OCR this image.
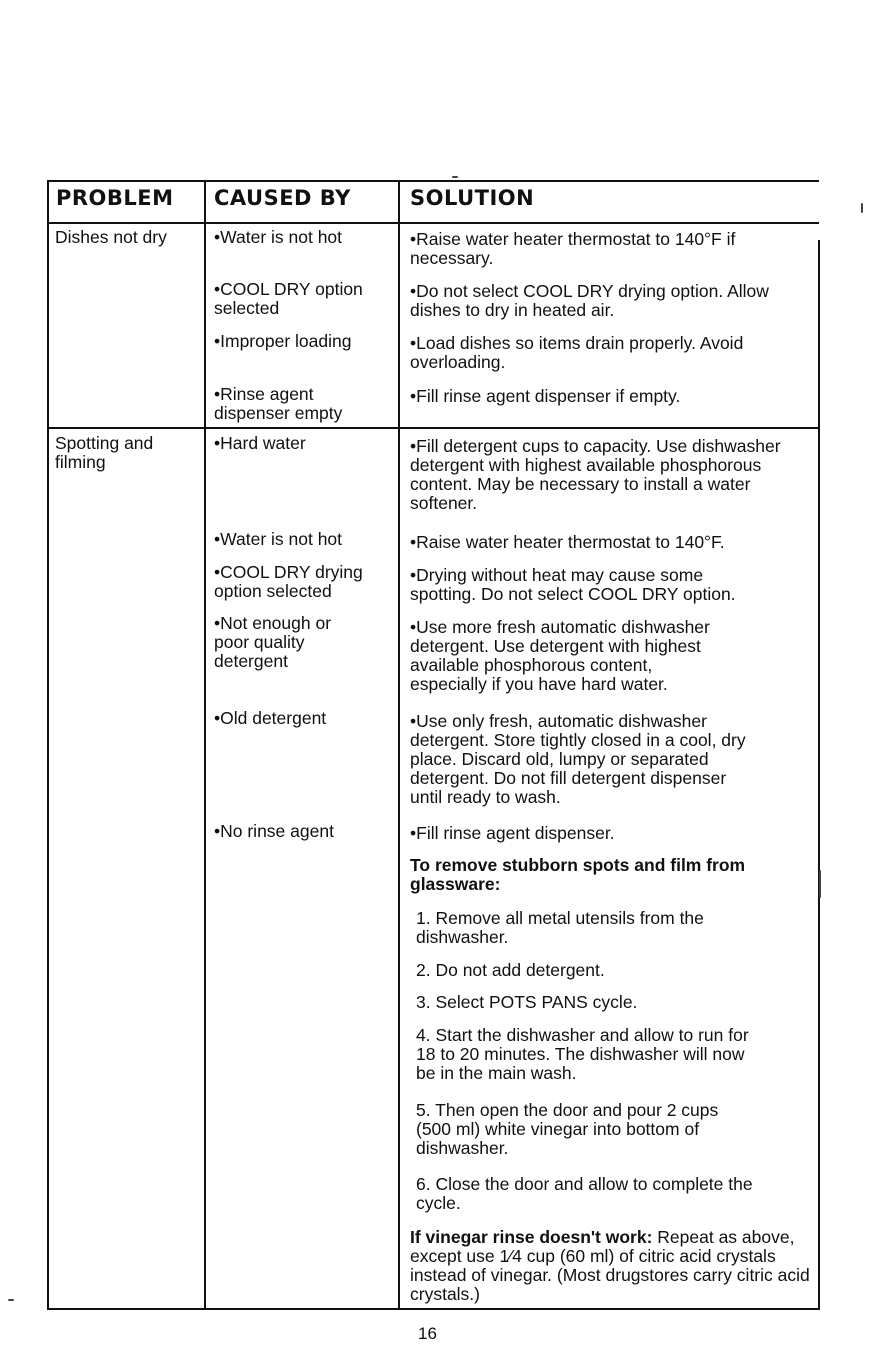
PROBLEM CAUSED BY	SOLUTION
Dishes not dry
Spotting and
filming
•Water is not hot
•COOL DRY option
selected
•Improper loading
•Rinse agent
dispenser empty
•Hard water
•Water is not hot
•COOL DRY drying
option selected
•Not enough or
poor quality
detergent
•Old detergent
•No rinse agent
•Raise water heater thermostat to 140°F if
necessary.
•Do not select COOL DRY drying option. Allow
dishes to dry in heated air.
•Load dishes so items drain properly. Avoid
overloading.
•Fill rinse agent dispenser if empty.
•Fill detergent cups to capacity. Use dishwasher
detergent with highest available phosphorous
content. May be necessary to install a water
softener.
•Raise water heater thermostat to 140°F.
•Drying without heat may cause some
spotting. Do not select COOL DRY option.
•Use more fresh automatic dishwasher
detergent. Use detergent with highest
available phosphorous content,
especially if you have hard water.
•Use only fresh, automatic dishwasher
detergent. Store tightly closed in a cool, dry
place. Discard old, lumpy or separated
detergent. Do not fill detergent dispenser
until ready to wash.
•Fill rinse agent dispenser.
To remove stubborn spots and film from
glassware:
1. Remove all metal utensils from the
dishwasher.
2. Do not add detergent.
3. Select POTS PANS cycle.
4. Start the dishwasher and allow to run for
18 to 20 minutes. The dishwasher will now
be in the main wash.
5. Then open the door and pour 2 cups
(500 ml) white vinegar into bottom of
dishwasher.
6. Close the door and allow to complete the
cycle.
If vinegar rinse doesn't work: Repeat as above, except use 1⁄4 cup (60 ml) of citric acid crystals instead of vinegar. (Most drugstores carry citric acid crystals.)
16
